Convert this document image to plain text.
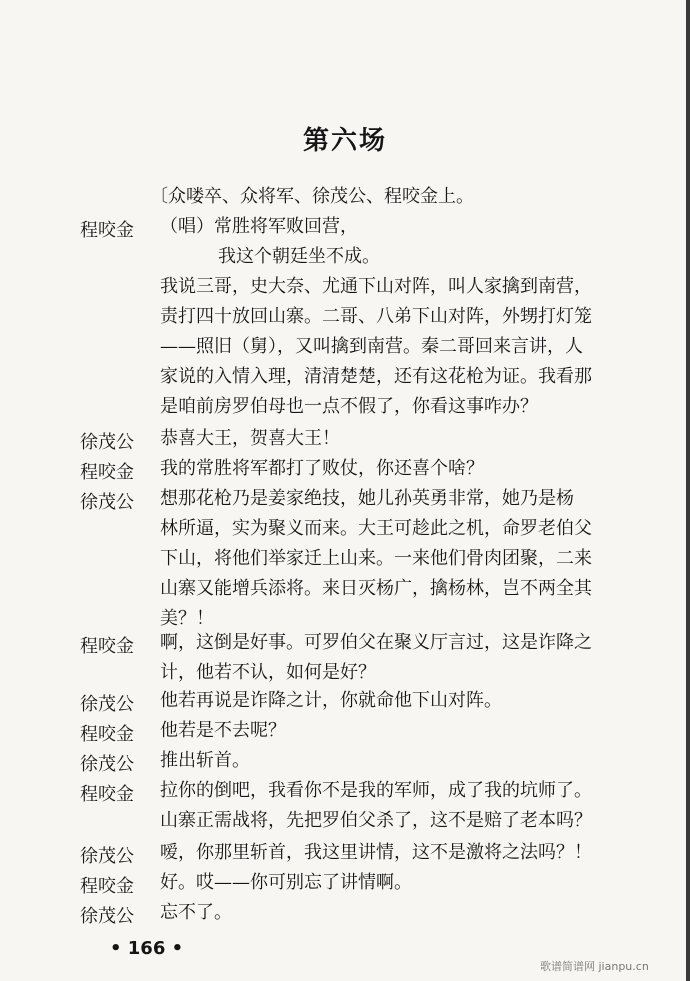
第六场
〔众喽卒、众将军、徐茂公、程咬金上。
程咬金	（唱）常胜将军败回营，
我这个朝廷坐不成。
我说三哥，史大奈、尤通下山对阵，叫人家擒到南营，
责打四十放回山寨。二哥、八弟下山对阵，外甥打灯笼
——照旧（舅），又叫擒到南营。秦二哥回来言讲，人
家说的入情入理，清清楚楚，还有这花枪为证。我看那
是咱前房罗伯母也一点不假了，你看这事咋办？
徐茂公	恭喜大王，贺喜大王！
程咬金	我的常胜将军都打了败仗，你还喜个啥？
徐茂公	想那花枪乃是姜家绝技，她儿孙英勇非常，她乃是杨
林所逼，实为聚义而来。大王可趁此之机，命罗老伯父
下山，将他们举家迁上山来。一来他们骨肉团聚，二来
山寨又能增兵添将。来日灭杨广，擒杨林，岂不两全其
美？！
程咬金	啊，这倒是好事。可罗伯父在聚义厅言过，这是诈降之
计，他若不认，如何是好？
徐茂公	他若再说是诈降之计，你就命他下山对阵。
程咬金	他若是不去呢？
徐茂公	推出斩首。
程咬金	拉你的倒吧，我看你不是我的军师，成了我的坑师了。
山寨正需战将，先把罗伯父杀了，这不是赔了老本吗？
徐茂公	嗳，你那里斩首，我这里讲情，这不是激将之法吗？！
程咬金	好。哎——你可别忘了讲情啊。
徐茂公	忘不了。
• 166 •
歌谱简谱网 jianpu.cn
